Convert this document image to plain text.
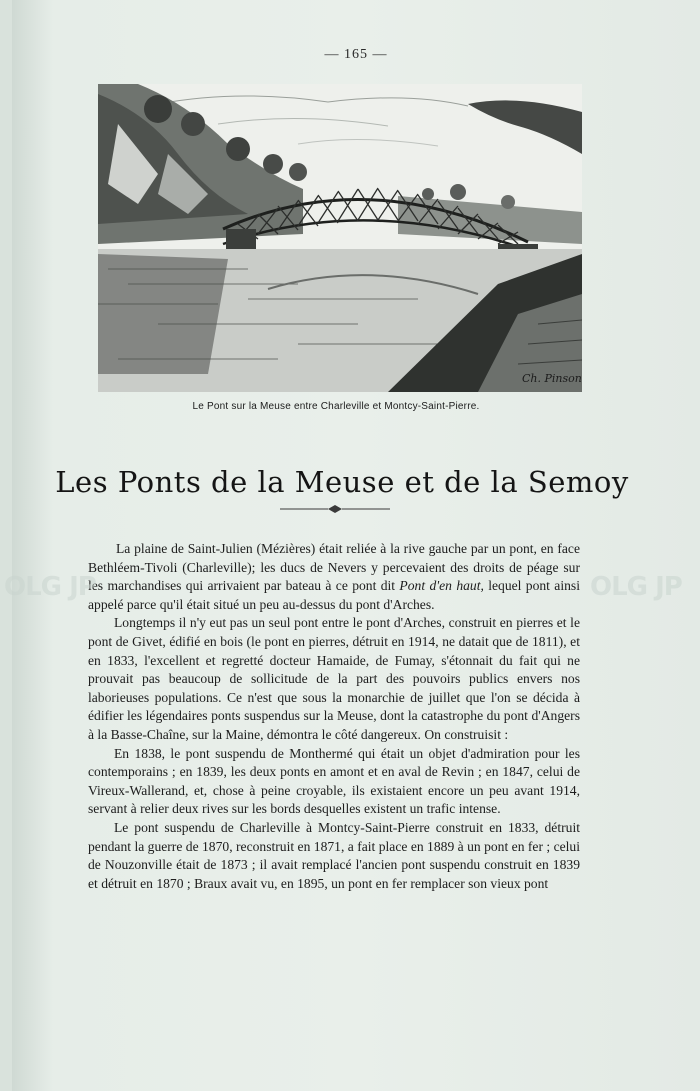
— 165 —
Ch. Pinson
Le Pont sur la Meuse entre Charleville et Montcy-Saint-Pierre.
Les Ponts de la Meuse et de la Semoy

La plaine de Saint-Julien (Mézières) était reliée à la rive gauche par un pont, en face Bethléem-Tivoli (Charleville); les ducs de Nevers y percevaient des droits de péage sur les marchandises qui arrivaient par bateau à ce pont dit Pont d'en haut, lequel pont ainsi appelé parce qu'il était situé un peu au-dessus du pont d'Arches.

Longtemps il n'y eut pas un seul pont entre le pont d'Arches, construit en pierres et le pont de Givet, édifié en bois (le pont en pierres, détruit en 1914, ne datait que de 1811), et en 1833, l'excellent et regretté docteur Hamaide, de Fumay, s'étonnait du fait qui ne prouvait pas beaucoup de sollicitude de la part des pouvoirs publics envers nos laborieuses populations. Ce n'est que sous la monarchie de juillet que l'on se décida à édifier les légendaires ponts suspendus sur la Meuse, dont la catastrophe du pont d'Angers à la Basse-Chaîne, sur la Maine, démontra le côté dangereux. On construisit :

En 1838, le pont suspendu de Monthermé qui était un objet d'admiration pour les contemporains ; en 1839, les deux ponts en amont et en aval de Revin ; en 1847, celui de Vireux-Wallerand, et, chose à peine croyable, ils existaient encore un peu avant 1914, servant à relier deux rives sur les bords desquelles existent un trafic intense.

Le pont suspendu de Charleville à Montcy-Saint-Pierre construit en 1833, détruit pendant la guerre de 1870, reconstruit en 1871, a fait place en 1889 à un pont en fer ; celui de Nouzonville était de 1873 ; il avait remplacé l'ancien pont suspendu construit en 1839 et détruit en 1870 ; Braux avait vu, en 1895, un pont en fer remplacer son vieux pont

OLG JP	OLG JP
